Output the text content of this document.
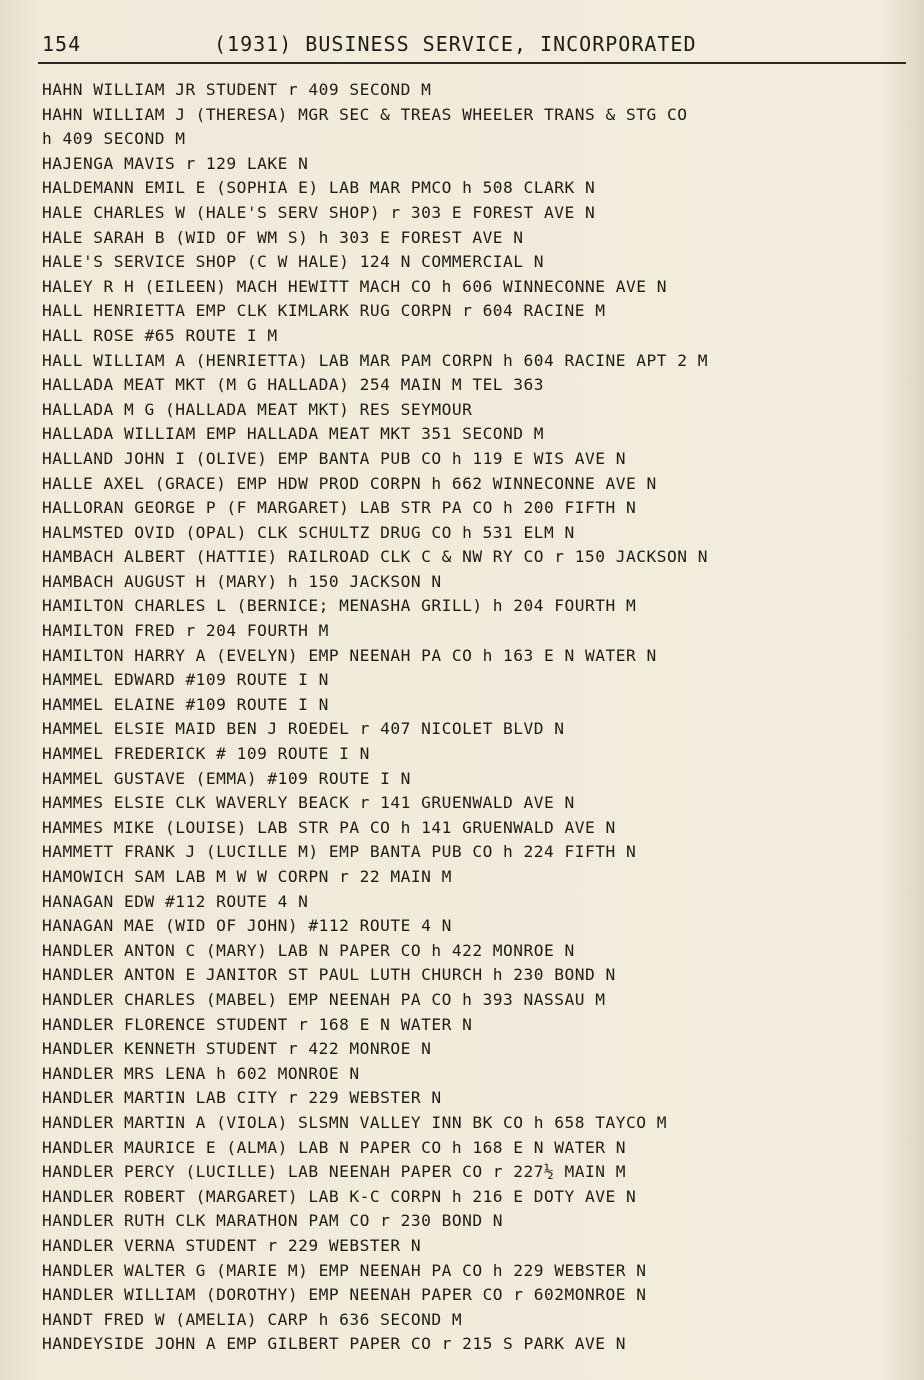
154	(1931) BUSINESS SERVICE, INCORPORATED
HAHN WILLIAM JR STUDENT r 409 SECOND M
HAHN WILLIAM J (THERESA) MGR SEC & TREAS WHEELER TRANS & STG CO
h 409 SECOND M
HAJENGA MAVIS r 129 LAKE N
HALDEMANN EMIL E (SOPHIA E) LAB MAR PMCO h 508 CLARK N
HALE CHARLES W (HALE'S SERV SHOP) r 303 E FOREST AVE N
HALE SARAH B (WID OF WM S) h 303 E FOREST AVE N
HALE'S SERVICE SHOP (C W HALE) 124 N COMMERCIAL N
HALEY R H (EILEEN) MACH HEWITT MACH CO h 606 WINNECONNE AVE N
HALL HENRIETTA EMP CLK KIMLARK RUG CORPN r 604 RACINE M
HALL ROSE #65 ROUTE I M
HALL WILLIAM A (HENRIETTA) LAB MAR PAM CORPN h 604 RACINE APT 2 M
HALLADA MEAT MKT (M G HALLADA) 254 MAIN M TEL 363
HALLADA M G (HALLADA MEAT MKT) RES SEYMOUR
HALLADA WILLIAM EMP HALLADA MEAT MKT 351 SECOND M
HALLAND JOHN I (OLIVE) EMP BANTA PUB CO h 119 E WIS AVE N
HALLE AXEL (GRACE) EMP HDW PROD CORPN h 662 WINNECONNE AVE N
HALLORAN GEORGE P (F MARGARET) LAB STR PA CO h 200 FIFTH N
HALMSTED OVID (OPAL) CLK SCHULTZ DRUG CO h 531 ELM N
HAMBACH ALBERT (HATTIE) RAILROAD CLK C & NW RY CO r 150 JACKSON N
HAMBACH AUGUST H (MARY) h 150 JACKSON N
HAMILTON CHARLES L (BERNICE; MENASHA GRILL) h 204 FOURTH M
HAMILTON FRED r 204 FOURTH M
HAMILTON HARRY A (EVELYN) EMP NEENAH PA CO h 163 E N WATER N
HAMMEL EDWARD #109 ROUTE I N
HAMMEL ELAINE #109 ROUTE I N
HAMMEL ELSIE MAID BEN J ROEDEL r 407 NICOLET BLVD N
HAMMEL FREDERICK # 109 ROUTE I N
HAMMEL GUSTAVE (EMMA) #109 ROUTE I N
HAMMES ELSIE CLK WAVERLY BEACK r 141 GRUENWALD AVE N
HAMMES MIKE (LOUISE) LAB STR PA CO h 141 GRUENWALD AVE N
HAMMETT FRANK J (LUCILLE M) EMP BANTA PUB CO h 224 FIFTH N
HAMOWICH SAM LAB M W W CORPN r 22 MAIN M
HANAGAN EDW #112 ROUTE 4 N
HANAGAN MAE (WID OF JOHN) #112 ROUTE 4 N
HANDLER ANTON C (MARY) LAB N PAPER CO h 422 MONROE N
HANDLER ANTON E JANITOR ST PAUL LUTH CHURCH h 230 BOND N
HANDLER CHARLES (MABEL) EMP NEENAH PA CO h 393 NASSAU M
HANDLER FLORENCE STUDENT r 168 E N WATER N
HANDLER KENNETH STUDENT r 422 MONROE N
HANDLER MRS LENA h 602 MONROE N
HANDLER MARTIN LAB CITY r 229 WEBSTER N
HANDLER MARTIN A (VIOLA) SLSMN VALLEY INN BK CO h 658 TAYCO M
HANDLER MAURICE E (ALMA) LAB N PAPER CO h 168 E N WATER N
HANDLER PERCY (LUCILLE) LAB NEENAH PAPER CO r 227½ MAIN M
HANDLER ROBERT (MARGARET) LAB K-C CORPN h 216 E DOTY AVE N
HANDLER RUTH CLK MARATHON PAM CO r 230 BOND N
HANDLER VERNA STUDENT r 229 WEBSTER N
HANDLER WALTER G (MARIE M) EMP NEENAH PA CO h 229 WEBSTER N
HANDLER WILLIAM (DOROTHY) EMP NEENAH PAPER CO r 602MONROE N
HANDT FRED W (AMELIA) CARP h 636 SECOND M
HANDEYSIDE JOHN A EMP GILBERT PAPER CO r 215 S PARK AVE N
